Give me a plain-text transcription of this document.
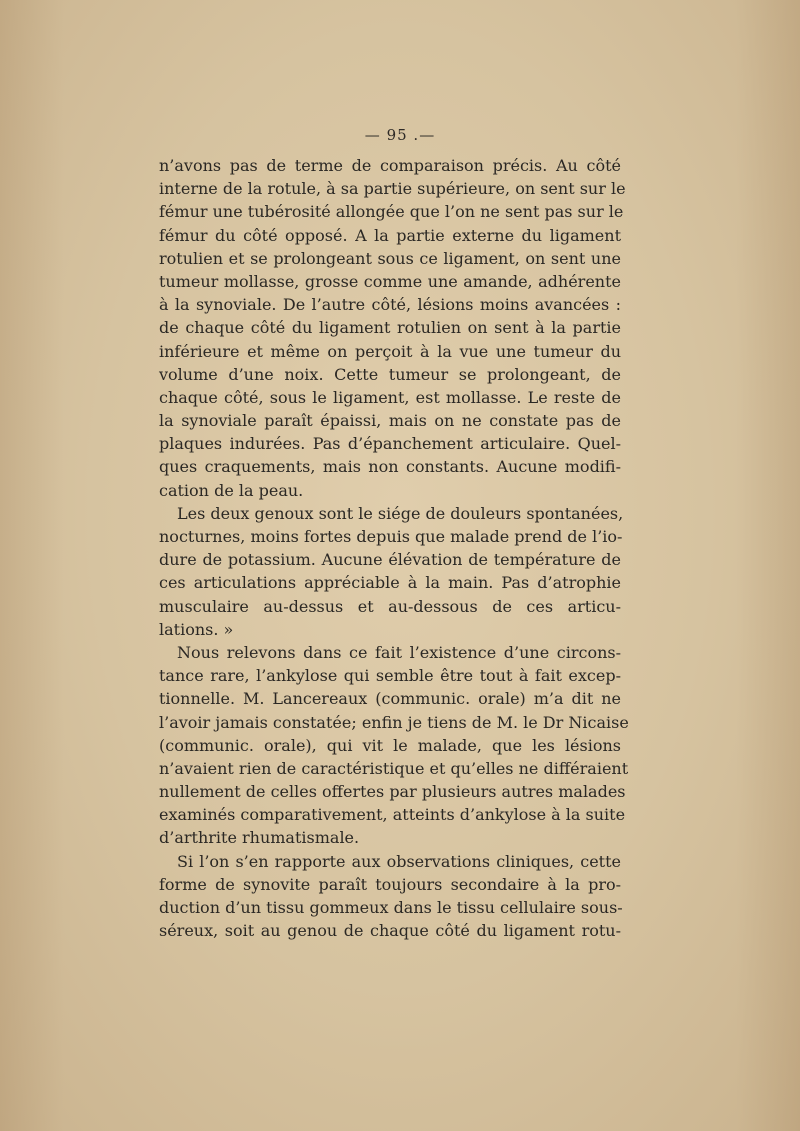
— 95 .—
n’avons pas de terme de comparaison précis. Au côté
interne de la rotule, à sa partie supérieure, on sent sur le
fémur une tubérosité allongée que l’on ne sent pas sur le
fémur du côté opposé. A la partie externe du ligament
rotulien et se prolongeant sous ce ligament, on sent une
tumeur mollasse, grosse comme une amande, adhérente
à la synoviale. De l’autre côté, lésions moins avancées :
de chaque côté du ligament rotulien on sent à la partie
inférieure et même on perçoit à la vue une tumeur du
volume d’une noix. Cette tumeur se prolongeant, de
chaque côté, sous le ligament, est mollasse. Le reste de
la synoviale paraît épaissi, mais on ne constate pas de
plaques indurées. Pas d’épanchement articulaire. Quel-
ques craquements, mais non constants. Aucune modifi-
cation de la peau.
Les deux genoux sont le siége de douleurs spontanées,
nocturnes, moins fortes depuis que malade prend de l’io-
dure de potassium. Aucune élévation de température de
ces articulations appréciable à la main. Pas d’atrophie
musculaire au-dessus et au-dessous de ces articu-
lations. »
Nous relevons dans ce fait l’existence d’une circons-
tance rare, l’ankylose qui semble être tout à fait excep-
tionnelle. M. Lancereaux (communic. orale) m’a dit ne
l’avoir jamais constatée; enfin je tiens de M. le Dr Nicaise
(communic. orale), qui vit le malade, que les lésions
n’avaient rien de caractéristique et qu’elles ne différaient
nullement de celles offertes par plusieurs autres malades
examinés comparativement, atteints d’ankylose à la suite
d’arthrite rhumatismale.
Si l’on s’en rapporte aux observations cliniques, cette
forme de synovite paraît toujours secondaire à la pro-
duction d’un tissu gommeux dans le tissu cellulaire sous-
séreux, soit au genou de chaque côté du ligament rotu-
